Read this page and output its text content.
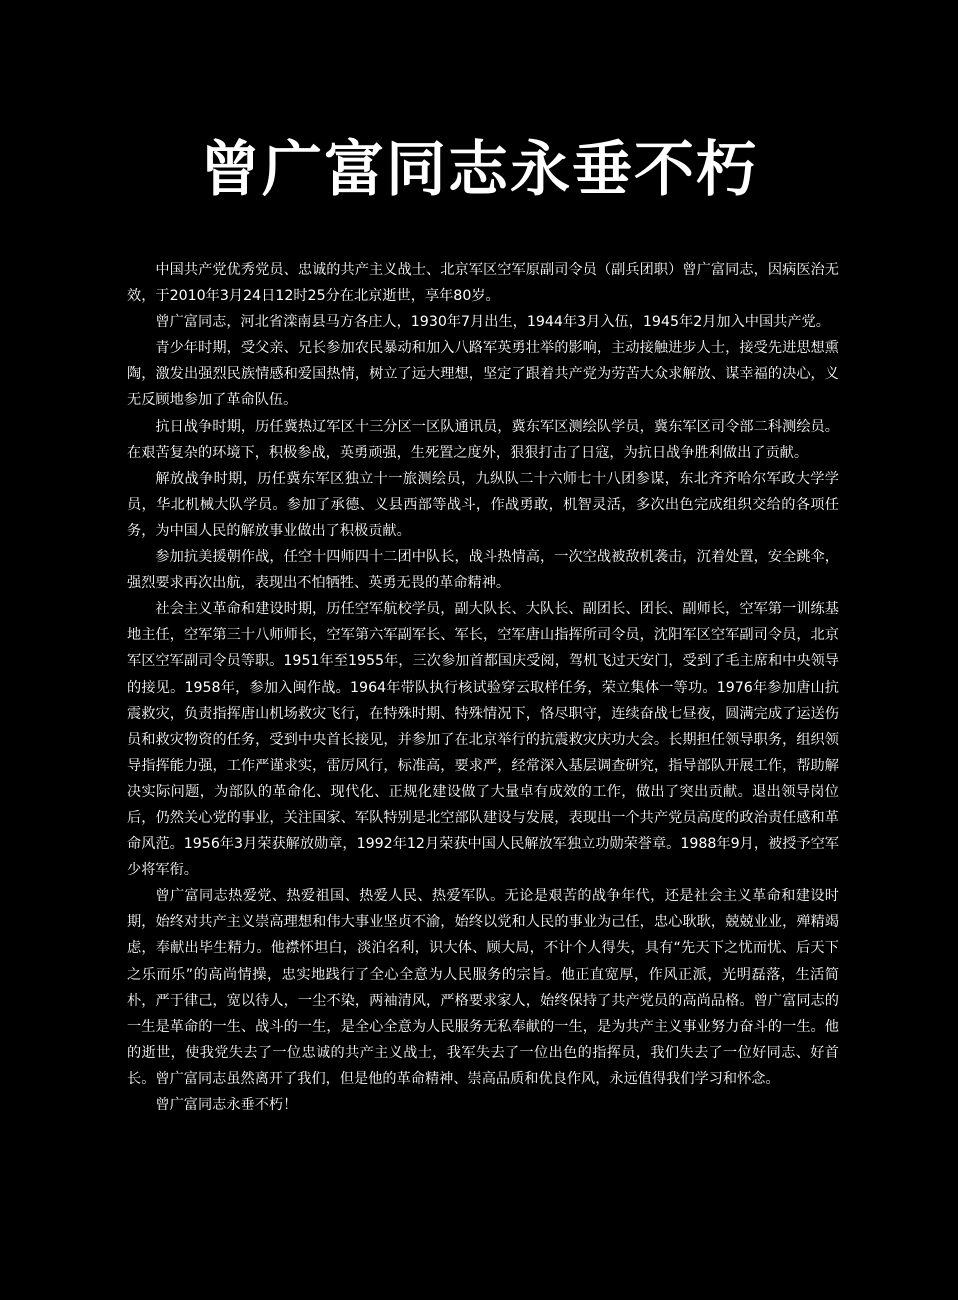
曾广富同志永垂不朽

中国共产党优秀党员、忠诚的共产主义战士、北京军区空军原副司令员（副兵团职）曾广富同志，因病医治无效，于2010年3月24日12时25分在北京逝世，享年80岁。

曾广富同志，河北省滦南县马方各庄人，1930年7月出生，1944年3月入伍，1945年2月加入中国共产党。

青少年时期，受父亲、兄长参加农民暴动和加入八路军英勇壮举的影响，主动接触进步人士，接受先进思想熏陶，激发出强烈民族情感和爱国热情，树立了远大理想，坚定了跟着共产党为劳苦大众求解放、谋幸福的决心，义无反顾地参加了革命队伍。

抗日战争时期，历任冀热辽军区十三分区一区队通讯员，冀东军区测绘队学员，冀东军区司令部二科测绘员。在艰苦复杂的环境下，积极参战，英勇顽强，生死置之度外，狠狠打击了日寇，为抗日战争胜利做出了贡献。

解放战争时期，历任冀东军区独立十一旅测绘员，九纵队二十六师七十八团参谋，东北齐齐哈尔军政大学学员，华北机械大队学员。参加了承德、义县西部等战斗，作战勇敢，机智灵活，多次出色完成组织交给的各项任务，为中国人民的解放事业做出了积极贡献。

参加抗美援朝作战，任空十四师四十二团中队长，战斗热情高，一次空战被敌机袭击，沉着处置，安全跳伞，强烈要求再次出航，表现出不怕牺牲、英勇无畏的革命精神。

社会主义革命和建设时期，历任空军航校学员，副大队长、大队长、副团长、团长、副师长，空军第一训练基地主任，空军第三十八师师长，空军第六军副军长、军长，空军唐山指挥所司令员，沈阳军区空军副司令员，北京军区空军副司令员等职。1951年至1955年，三次参加首都国庆受阅，驾机飞过天安门，受到了毛主席和中央领导的接见。1958年，参加入闽作战。1964年带队执行核试验穿云取样任务，荣立集体一等功。1976年参加唐山抗震救灾，负责指挥唐山机场救灾飞行，在特殊时期、特殊情况下，恪尽职守，连续奋战七昼夜，圆满完成了运送伤员和救灾物资的任务，受到中央首长接见，并参加了在北京举行的抗震救灾庆功大会。长期担任领导职务，组织领导指挥能力强，工作严谨求实，雷厉风行，标准高，要求严，经常深入基层调查研究，指导部队开展工作，帮助解决实际问题，为部队的革命化、现代化、正规化建设做了大量卓有成效的工作，做出了突出贡献。退出领导岗位后，仍然关心党的事业，关注国家、军队特别是北空部队建设与发展，表现出一个共产党员高度的政治责任感和革命风范。1956年3月荣获解放勋章，1992年12月荣获中国人民解放军独立功勋荣誉章。1988年9月，被授予空军少将军衔。

曾广富同志热爱党、热爱祖国、热爱人民、热爱军队。无论是艰苦的战争年代，还是社会主义革命和建设时期，始终对共产主义崇高理想和伟大事业坚贞不渝，始终以党和人民的事业为己任，忠心耿耿，兢兢业业，殚精竭虑，奉献出毕生精力。他襟怀坦白，淡泊名利，识大体、顾大局，不计个人得失，具有“先天下之忧而忧、后天下之乐而乐”的高尚情操，忠实地践行了全心全意为人民服务的宗旨。他正直宽厚，作风正派，光明磊落，生活简朴，严于律己，宽以待人，一尘不染，两袖清风，严格要求家人，始终保持了共产党员的高尚品格。曾广富同志的一生是革命的一生、战斗的一生，是全心全意为人民服务无私奉献的一生，是为共产主义事业努力奋斗的一生。他的逝世，使我党失去了一位忠诚的共产主义战士，我军失去了一位出色的指挥员，我们失去了一位好同志、好首长。曾广富同志虽然离开了我们，但是他的革命精神、崇高品质和优良作风，永远值得我们学习和怀念。

曾广富同志永垂不朽！
